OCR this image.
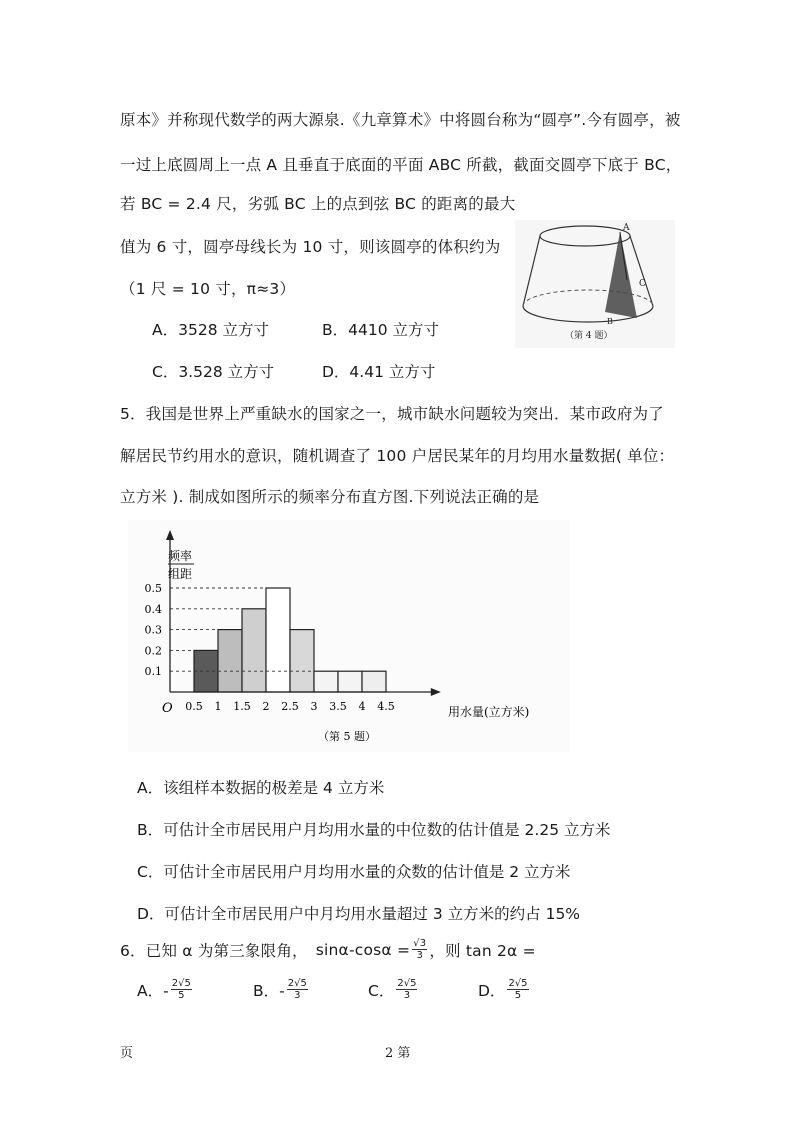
原本》并称现代数学的两大源泉.《九章算术》中将圆台称为“圆亭”.今有圆亭，被
一过上底圆周上一点 A 且垂直于底面的平面 ABC 所截，截面交圆亭下底于 BC，
若 BC = 2.4 尺，劣弧 BC 上的点到弦 BC 的距离的最大
值为 6 寸，圆亭母线长为 10 寸，则该圆亭的体积约为
（1 尺 = 10 寸，π≈3）
A．3528 立方寸	B．4410 立方寸
C．3.528 立方寸	D．4.41 立方寸
A
C
B
（第 4 题）
5．我国是世界上严重缺水的国家之一，城市缺水问题较为突出．某市政府为了
解居民节约用水的意识，随机调查了 100 户居民某年的月均用水量数据( 单位：
立方米 ). 制成如图所示的频率分布直方图.下列说法正确的是
0.5 1 1.5 2 2.5 3 3.5 4 4.5
0.1
0.2
0.3
0.4
0.5
频率
组距
O	用水量(立方米)
（第 5 题）
A．该组样本数据的极差是 4 立方米
B．可估计全市居民用户月均用水量的中位数的估计值是 2.25 立方米
C．可估计全市居民用户月均用水量的众数的估计值是 2 立方米
D．可估计全市居民用户中月均用水量超过 3 立方米的约占 15%
6．已知 α 为第三象限角， $\sin\alpha-\cos\alpha = \frac{√3}{3}$ ，则 tan 2α =
A．- $\frac{2√5}{5}$	B．- $\frac{2√5}{3}$	C． $\frac{2√5}{3}$	D． $\frac{2√5}{5}$
页	2 第
